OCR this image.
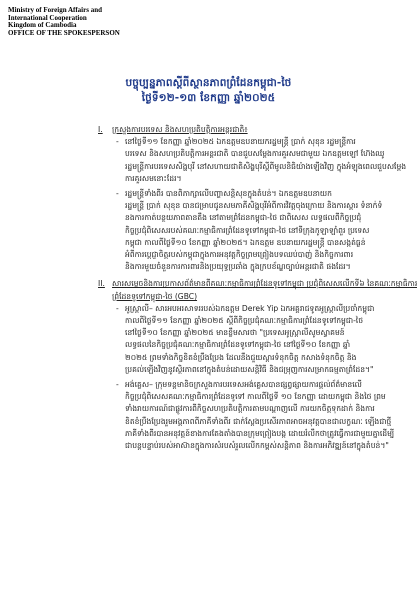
Ministry of Foreign Affairs and
International Cooperation
Kingdom of Cambodia
OFFICE OF THE SPOKESPERSON
បច្ចុប្បន្នភាពស្តីពីស្ថានភាពព្រំដែនកម្ពុជា-ថៃ
ថ្ងៃទី១២-១៣ ខែកញ្ញា ឆ្នាំ២០២៥
I.	ក្រសួងការបរទេស និងសហប្រតិបត្តិការអន្តរជាតិ៖
- នៅថ្ងៃទី១១ ខែកញ្ញា ឆ្នាំ២០២៥ ឯកឧត្តមឧបនាយករដ្ឋមន្ត្រី ប្រាក់ សុខុន រដ្ឋមន្ត្រីការ
បរទេស និងសហប្រតិបត្តិការអន្តរជាតិ បានជួបសម្ដែងការគួរសមជាមួយ ឯកឧត្តមឡៅ ហ៊ែងឈូ
រដ្ឋមន្ត្រីការបរទេសសិង្ហបុរី នៅសហាយជាតិសិង្ហបុរីស្ដីពីមូលនិធិយ៉ាងឡើងវិញ ក្នុងអំឡុងពេលជួបសម្ដែង
ការគួរសមនោះដែរ។
- រដ្ឋមន្ត្រីទាំងពីរ បានពិភាក្សាលើបញ្ហាសន្តិសុខក្នុងតំបន់។ ឯកឧត្តមឧបនាយក
រដ្ឋមន្ត្រី ប្រាក់ សុខុន បានជម្រាបជូនសមភាគីសិង្ហបុរីអំពីការវិវត្តចុងក្រោយ និងការស្ដារ ទំនាក់ទំ
នងការកាត់បន្ថយភាពតានតឹង នៅតាមព្រំដែនកម្ពុជា-ថៃ ជាពិសេស លទ្ធផលពីកិច្ចប្រជុំ
កិច្ចប្រជុំពិសេសរបស់គណៈកម្មាធិការព្រំដែនទូទៅកម្ពុជា-ថៃ នៅទីក្រុងកូឡាឡាំពួរ ប្រទេស
កម្ពុជា កាលពីថ្ងៃទី១០ ខែកញ្ញា ឆ្នាំ២០២៥។ ឯកឧត្តម ឧបនាយករដ្ឋមន្ត្រី បានសង្កត់ធ្ងន់
អំពីការប្តេជ្ញាចិត្តរបស់កម្ពុជាក្នុងការអនុវត្តកិច្ចព្រមព្រៀងបទឈប់បាញ់ និងកិច្ចការពារ
និងការមួយចំនួនការការពារនិងប្រយុទ្ធប្រឆាំង ក្នុងក្របខ័ណ្ឌច្បាប់អន្តរជាតិ ផងដែរ។
II. សារសម្ដេចនិងការប្រកាសព័ត៌មានពីគណៈកម្មាធិការព្រំដែនទូទៅកម្ពុជា ប្រជុំពិសេសលើកទី៦ នៃគណៈកម្មាធិការ
ព្រំដែនទូទៅកម្ពុជា-ថៃ (GBC)
- អូស្ត្រាលី– សារអបអរសាទររបស់ឯកឧត្តម Derek Yip ឯកអគ្គរាជទូតអូស្ត្រាលីប្រចាំកម្ពុជា
កាលពីថ្ងៃទី១១ ខែកញ្ញា ឆ្នាំ២០២៥ ស្ដីពីកិច្ចប្រជុំគណៈកម្មាធិការព្រំដែនទូទៅកម្ពុជា-ថៃ
នៅថ្ងៃទី១០ ខែកញ្ញា ឆ្នាំ២០២៥ មានខ្លឹមសារថា "ប្រទេសអូស្ត្រាលីសូមស្វាគមន៍
លទ្ធផលនៃកិច្ចប្រជុំគណៈកម្មាធិការព្រំដែនទូទៅកម្ពុជា-ថៃ នៅថ្ងៃទី១០ ខែកញ្ញា ឆ្នាំ
២០២៥ ព្រមទាំងកិច្ចខិតខំប្រឹងប្រែង ដែលនឹងជួយស្ដារទំនុកចិត្ត កសាងទំនុកចិត្ត និង
ប្រគល់ឡើងវិញនូវស្ថិរភាពនៅក្នុងតំបន់ដោយសន្តិវិធី និងជម្រុញការសម្រាកធម្មតាព្រំដែន។"
- អង់គ្លេស– ក្រុមទន្តមានិចក្រសួងការបរទេសអង់គ្លេសបានផ្សព្វផ្សាយការផ្ដល់ព័ត៌មានលើ
កិច្ចប្រជុំពិសេសគណៈកម្មាធិការព្រំដែនទូទៅ កាលពីថ្ងៃទី ១០ ខែកញ្ញា ដោយកម្ពុជា និងថៃ ព្រម
ទាំងរាយការណ៍ជាផ្លូវការពីកិច្ចសហប្រតិបត្តិការតាមបណ្ដាញលើ ការយកចិត្តទុកដាក់ និងការ
ខិតខំប្រឹងប្រែងរួមអង្គភាពពីភាគីទាំងពីរ ជាក់ស្តែងប្រសើរភាពអាចអនុវត្តបានជាលក្ខណៈ ឡើងជាថ្មី
ភាគីទាំងពីរបានអនុវត្តន៍ខាងការតែងតាំងបានក្រុមព្រៀងបង្ក ដោយរំលឹកថាត្រូវធ្វើការជាមួយគ្នាដើម្បី
ជាបន្តបន្ទាប់របស់អាស៊ានក្នុងការសំរបសំរួលលើកកម្ពស់សន្តិភាព និងការអភិវឌ្ឍន៍នៅក្នុងតំបន់។"
